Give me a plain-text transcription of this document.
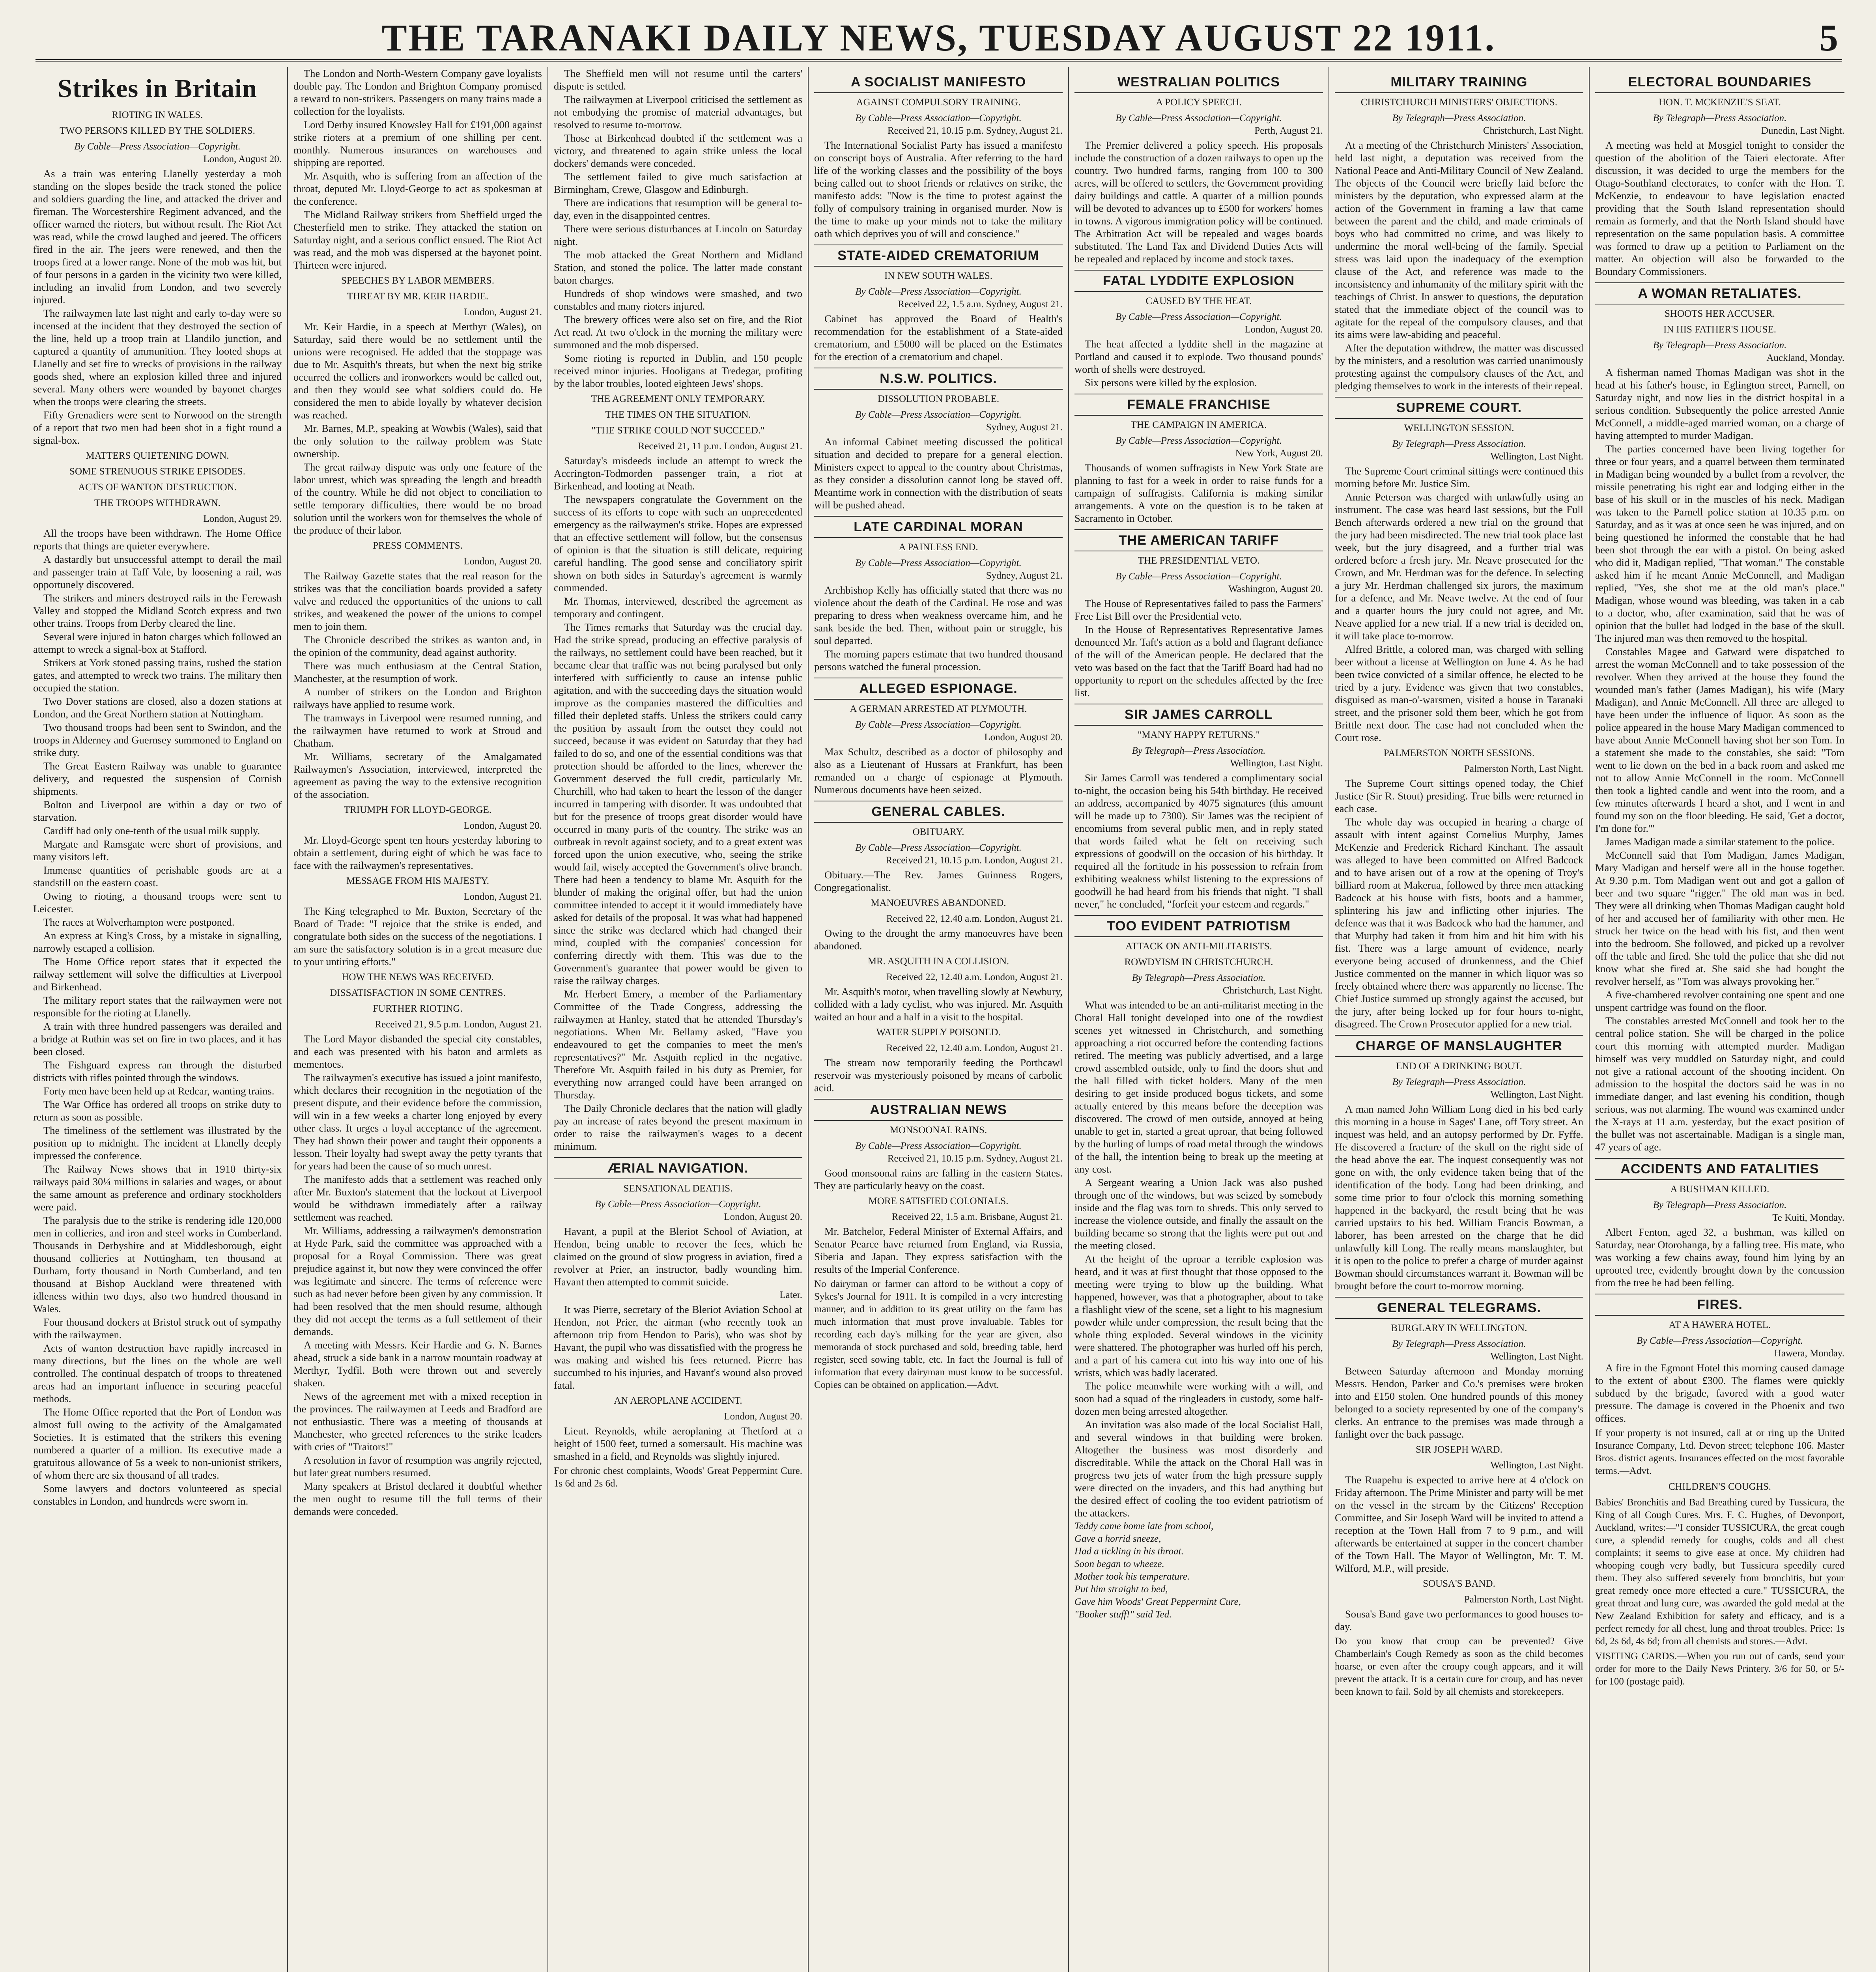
THE TARANAKI DAILY NEWS, TUESDAY AUGUST 22 1911.	5
Strikes in Britain
RIOTING IN WALES.
TWO PERSONS KILLED BY THE SOLDIERS.
By Cable—Press Association—Copyright.
London, August 20.
As a train was entering Llanelly yesterday a mob standing on the slopes beside the track stoned the police and soldiers guarding the line, and attacked the driver and fireman. The Worcestershire Regiment advanced, and the officer warned the rioters, but without result. The Riot Act was read, while the crowd laughed and jeered. The officers fired in the air. The jeers were renewed, and then the troops fired at a lower range. None of the mob was hit, but of four persons in a garden in the vicinity two were killed, including an invalid from London, and two severely injured.
The railwaymen late last night and early to-day were so incensed at the incident that they destroyed the section of the line, held up a troop train at Llandilo junction, and captured a quantity of ammunition. They looted shops at Llanelly and set fire to wrecks of provisions in the railway goods shed, where an explosion killed three and injured several. Many others were wounded by bayonet charges when the troops were clearing the streets.
Fifty Grenadiers were sent to Norwood on the strength of a report that two men had been shot in a fight round a signal-box.
MATTERS QUIETENING DOWN.
SOME STRENUOUS STRIKE EPISODES.
ACTS OF WANTON DESTRUCTION.
THE TROOPS WITHDRAWN.
London, August 29.
All the troops have been withdrawn. The Home Office reports that things are quieter everywhere.
A dastardly but unsuccessful attempt to derail the mail and passenger train at Taff Vale, by loosening a rail, was opportunely discovered.
The strikers and miners destroyed rails in the Ferewash Valley and stopped the Midland Scotch express and two other trains. Troops from Derby cleared the line.
Several were injured in baton charges which followed an attempt to wreck a signal-box at Stafford.
Strikers at York stoned passing trains, rushed the station gates, and attempted to wreck two trains. The military then occupied the station.
Two Dover stations are closed, also a dozen stations at London, and the Great Northern station at Nottingham.
Two thousand troops had been sent to Swindon, and the troops in Alderney and Guernsey summoned to England on strike duty.
The Great Eastern Railway was unable to guarantee delivery, and requested the suspension of Cornish shipments.
Bolton and Liverpool are within a day or two of starvation.
Cardiff had only one-tenth of the usual milk supply.
Margate and Ramsgate were short of provisions, and many visitors left.
Immense quantities of perishable goods are at a standstill on the eastern coast.
Owing to rioting, a thousand troops were sent to Leicester.
The races at Wolverhampton were postponed.
An express at King's Cross, by a mistake in signalling, narrowly escaped a collision.
The Home Office report states that it expected the railway settlement will solve the difficulties at Liverpool and Birkenhead.
The military report states that the railwaymen were not responsible for the rioting at Llanelly.
A train with three hundred passengers was derailed and a bridge at Ruthin was set on fire in two places, and it has been closed.
The Fishguard express ran through the disturbed districts with rifles pointed through the windows.
Forty men have been held up at Redcar, wanting trains.
The War Office has ordered all troops on strike duty to return as soon as possible.
The timeliness of the settlement was illustrated by the position up to midnight. The incident at Llanelly deeply impressed the conference.
The Railway News shows that in 1910 thirty-six railways paid 30¼ millions in salaries and wages, or about the same amount as preference and ordinary stockholders were paid.
The paralysis due to the strike is rendering idle 120,000 men in collieries, and iron and steel works in Cumberland. Thousands in Derbyshire and at Middlesborough, eight thousand collieries at Nottingham, ten thousand at Durham, forty thousand in North Cumberland, and ten thousand at Bishop Auckland were threatened with idleness within two days, also two hundred thousand in Wales.
Four thousand dockers at Bristol struck out of sympathy with the railwaymen.
Acts of wanton destruction have rapidly increased in many directions, but the lines on the whole are well controlled. The continual despatch of troops to threatened areas had an important influence in securing peaceful methods.
The Home Office reported that the Port of London was almost full owing to the activity of the Amalgamated Societies. It is estimated that the strikers this evening numbered a quarter of a million. Its executive made a gratuitous allowance of 5s a week to non-unionist strikers, of whom there are six thousand of all trades.
Some lawyers and doctors volunteered as special constables in London, and hundreds were sworn in.
The London and North-Western Company gave loyalists double pay. The London and Brighton Company promised a reward to non-strikers. Passengers on many trains made a collection for the loyalists.
Lord Derby insured Knowsley Hall for £191,000 against strike rioters at a premium of one shilling per cent. monthly. Numerous insurances on warehouses and shipping are reported.
Mr. Asquith, who is suffering from an affection of the throat, deputed Mr. Lloyd-George to act as spokesman at the conference.
The Midland Railway strikers from Sheffield urged the Chesterfield men to strike. They attacked the station on Saturday night, and a serious conflict ensued. The Riot Act was read, and the mob was dispersed at the bayonet point. Thirteen were injured.
SPEECHES BY LABOR MEMBERS.
THREAT BY MR. KEIR HARDIE.
London, August 21.
Mr. Keir Hardie, in a speech at Merthyr (Wales), on Saturday, said there would be no settlement until the unions were recognised. He added that the stoppage was due to Mr. Asquith's threats, but when the next big strike occurred the colliers and ironworkers would be called out, and then they would see what soldiers could do. He considered the men to abide loyally by whatever decision was reached.
Mr. Barnes, M.P., speaking at Wowbis (Wales), said that the only solution to the railway problem was State ownership.
The great railway dispute was only one feature of the labor unrest, which was spreading the length and breadth of the country. While he did not object to conciliation to settle temporary difficulties, there would be no broad solution until the workers won for themselves the whole of the produce of their labor.
PRESS COMMENTS.
London, August 20.
The Railway Gazette states that the real reason for the strikes was that the conciliation boards provided a safety valve and reduced the opportunities of the unions to call strikes, and weakened the power of the unions to compel men to join them.
The Chronicle described the strikes as wanton and, in the opinion of the community, dead against authority.
There was much enthusiasm at the Central Station, Manchester, at the resumption of work.
A number of strikers on the London and Brighton railways have applied to resume work.
The tramways in Liverpool were resumed running, and the railwaymen have returned to work at Stroud and Chatham.
Mr. Williams, secretary of the Amalgamated Railwaymen's Association, interviewed, interpreted the agreement as paving the way to the extensive recognition of the association.
TRIUMPH FOR LLOYD-GEORGE.
London, August 20.
Mr. Lloyd-George spent ten hours yesterday laboring to obtain a settlement, during eight of which he was face to face with the railwaymen's representatives.
MESSAGE FROM HIS MAJESTY.
London, August 21.
The King telegraphed to Mr. Buxton, Secretary of the Board of Trade: "I rejoice that the strike is ended, and congratulate both sides on the success of the negotiations. I am sure the satisfactory solution is in a great measure due to your untiring efforts."
HOW THE NEWS WAS RECEIVED.
DISSATISFACTION IN SOME CENTRES.
FURTHER RIOTING.
Received 21, 9.5 p.m. London, August 21.
The Lord Mayor disbanded the special city constables, and each was presented with his baton and armlets as mementoes.
The railwaymen's executive has issued a joint manifesto, which declares their recognition in the negotiation of the present dispute, and their evidence before the commission, will win in a few weeks a charter long enjoyed by every other class. It urges a loyal acceptance of the agreement. They had shown their power and taught their opponents a lesson. Their loyalty had swept away the petty tyrants that for years had been the cause of so much unrest.
The manifesto adds that a settlement was reached only after Mr. Buxton's statement that the lockout at Liverpool would be withdrawn immediately after a railway settlement was reached.
Mr. Williams, addressing a railwaymen's demonstration at Hyde Park, said the committee was approached with a proposal for a Royal Commission. There was great prejudice against it, but now they were convinced the offer was legitimate and sincere. The terms of reference were such as had never before been given by any commission. It had been resolved that the men should resume, although they did not accept the terms as a full settlement of their demands.
A meeting with Messrs. Keir Hardie and G. N. Barnes ahead, struck a side bank in a narrow mountain roadway at Merthyr, Tydfil. Both were thrown out and severely shaken.
News of the agreement met with a mixed reception in the provinces. The railwaymen at Leeds and Bradford are not enthusiastic. There was a meeting of thousands at Manchester, who greeted references to the strike leaders with cries of "Traitors!"
A resolution in favor of resumption was angrily rejected, but later great numbers resumed.
Many speakers at Bristol declared it doubtful whether the men ought to resume till the full terms of their demands were conceded.
The Sheffield men will not resume until the carters' dispute is settled.
The railwaymen at Liverpool criticised the settlement as not embodying the promise of material advantages, but resolved to resume to-morrow.
Those at Birkenhead doubted if the settlement was a victory, and threatened to again strike unless the local dockers' demands were conceded.
The settlement failed to give much satisfaction at Birmingham, Crewe, Glasgow and Edinburgh.
There are indications that resumption will be general to-day, even in the disappointed centres.
There were serious disturbances at Lincoln on Saturday night.
The mob attacked the Great Northern and Midland Station, and stoned the police. The latter made constant baton charges.
Hundreds of shop windows were smashed, and two constables and many rioters injured.
The brewery offices were also set on fire, and the Riot Act read. At two o'clock in the morning the military were summoned and the mob dispersed.
Some rioting is reported in Dublin, and 150 people received minor injuries. Hooligans at Tredegar, profiting by the labor troubles, looted eighteen Jews' shops.
THE AGREEMENT ONLY TEMPORARY.
THE TIMES ON THE SITUATION.
"THE STRIKE COULD NOT SUCCEED."
Received 21, 11 p.m. London, August 21.
Saturday's misdeeds include an attempt to wreck the Accrington-Todmorden passenger train, a riot at Birkenhead, and looting at Neath.
The newspapers congratulate the Government on the success of its efforts to cope with such an unprecedented emergency as the railwaymen's strike. Hopes are expressed that an effective settlement will follow, but the consensus of opinion is that the situation is still delicate, requiring careful handling. The good sense and conciliatory spirit shown on both sides in Saturday's agreement is warmly commended.
Mr. Thomas, interviewed, described the agreement as temporary and contingent.
The Times remarks that Saturday was the crucial day. Had the strike spread, producing an effective paralysis of the railways, no settlement could have been reached, but it became clear that traffic was not being paralysed but only interfered with sufficiently to cause an intense public agitation, and with the succeeding days the situation would improve as the companies mastered the difficulties and filled their depleted staffs. Unless the strikers could carry the position by assault from the outset they could not succeed, because it was evident on Saturday that they had failed to do so, and one of the essential conditions was that protection should be afforded to the lines, wherever the Government deserved the full credit, particularly Mr. Churchill, who had taken to heart the lesson of the danger incurred in tampering with disorder. It was undoubted that but for the presence of troops great disorder would have occurred in many parts of the country. The strike was an outbreak in revolt against society, and to a great extent was forced upon the union executive, who, seeing the strike would fail, wisely accepted the Government's olive branch. There had been a tendency to blame Mr. Asquith for the blunder of making the original offer, but had the union committee intended to accept it it would immediately have asked for details of the proposal. It was what had happened since the strike was declared which had changed their mind, coupled with the companies' concession for conferring directly with them. This was due to the Government's guarantee that power would be given to raise the railway charges.
Mr. Herbert Emery, a member of the Parliamentary Committee of the Trade Congress, addressing the railwaymen at Hanley, stated that he attended Thursday's negotiations. When Mr. Bellamy asked, "Have you endeavoured to get the companies to meet the men's representatives?" Mr. Asquith replied in the negative. Therefore Mr. Asquith failed in his duty as Premier, for everything now arranged could have been arranged on Thursday.
The Daily Chronicle declares that the nation will gladly pay an increase of rates beyond the present maximum in order to raise the railwaymen's wages to a decent minimum.
ÆRIAL NAVIGATION.
SENSATIONAL DEATHS.
By Cable—Press Association—Copyright.
London, August 20.
Havant, a pupil at the Bleriot School of Aviation, at Hendon, being unable to recover the fees, which he claimed on the ground of slow progress in aviation, fired a revolver at Prier, an instructor, badly wounding him. Havant then attempted to commit suicide.
Later.
It was Pierre, secretary of the Bleriot Aviation School at Hendon, not Prier, the airman (who recently took an afternoon trip from Hendon to Paris), who was shot by Havant, the pupil who was dissatisfied with the progress he was making and wished his fees returned. Pierre has succumbed to his injuries, and Havant's wound also proved fatal.
AN AEROPLANE ACCIDENT.
London, August 20.
Lieut. Reynolds, while aeroplaning at Thetford at a height of 1500 feet, turned a somersault. His machine was smashed in a field, and Reynolds was slightly injured.
For chronic chest complaints, Woods' Great Peppermint Cure. 1s 6d and 2s 6d.
A SOCIALIST MANIFESTO
AGAINST COMPULSORY TRAINING.
By Cable—Press Association—Copyright.
Received 21, 10.15 p.m. Sydney, August 21.
The International Socialist Party has issued a manifesto on conscript boys of Australia. After referring to the hard life of the working classes and the possibility of the boys being called out to shoot friends or relatives on strike, the manifesto adds: "Now is the time to protest against the folly of compulsory training in organised murder. Now is the time to make up your minds not to take the military oath which deprives you of will and conscience."
STATE-AIDED CREMATORIUM
IN NEW SOUTH WALES.
By Cable—Press Association—Copyright.
Received 22, 1.5 a.m. Sydney, August 21.
Cabinet has approved the Board of Health's recommendation for the establishment of a State-aided crematorium, and £5000 will be placed on the Estimates for the erection of a crematorium and chapel.
N.S.W. POLITICS.
DISSOLUTION PROBABLE.
By Cable—Press Association—Copyright.
Sydney, August 21.
An informal Cabinet meeting discussed the political situation and decided to prepare for a general election. Ministers expect to appeal to the country about Christmas, as they consider a dissolution cannot long be staved off. Meantime work in connection with the distribution of seats will be pushed ahead.
LATE CARDINAL MORAN
A PAINLESS END.
By Cable—Press Association—Copyright.
Sydney, August 21.
Archbishop Kelly has officially stated that there was no violence about the death of the Cardinal. He rose and was preparing to dress when weakness overcame him, and he sank beside the bed. Then, without pain or struggle, his soul departed.
The morning papers estimate that two hundred thousand persons watched the funeral procession.
ALLEGED ESPIONAGE.
A GERMAN ARRESTED AT PLYMOUTH.
By Cable—Press Association—Copyright.
London, August 20.
Max Schultz, described as a doctor of philosophy and also as a Lieutenant of Hussars at Frankfurt, has been remanded on a charge of espionage at Plymouth. Numerous documents have been seized.
GENERAL CABLES.
OBITUARY.
By Cable—Press Association—Copyright.
Received 21, 10.15 p.m. London, August 21.
Obituary.—The Rev. James Guinness Rogers, Congregationalist.
MANOEUVRES ABANDONED.
Received 22, 12.40 a.m. London, August 21.
Owing to the drought the army manoeuvres have been abandoned.
MR. ASQUITH IN A COLLISION.
Received 22, 12.40 a.m. London, August 21.
Mr. Asquith's motor, when travelling slowly at Newbury, collided with a lady cyclist, who was injured. Mr. Asquith waited an hour and a half in a visit to the hospital.
WATER SUPPLY POISONED.
Received 22, 12.40 a.m. London, August 21.
The stream now temporarily feeding the Porthcawl reservoir was mysteriously poisoned by means of carbolic acid.
AUSTRALIAN NEWS
MONSOONAL RAINS.
By Cable—Press Association—Copyright.
Received 21, 10.15 p.m. Sydney, August 21.
Good monsoonal rains are falling in the eastern States. They are particularly heavy on the coast.
MORE SATISFIED COLONIALS.
Received 22, 1.5 a.m. Brisbane, August 21.
Mr. Batchelor, Federal Minister of External Affairs, and Senator Pearce have returned from England, via Russia, Siberia and Japan. They express satisfaction with the results of the Imperial Conference.
No dairyman or farmer can afford to be without a copy of Sykes's Journal for 1911. It is compiled in a very interesting manner, and in addition to its great utility on the farm has much information that must prove invaluable. Tables for recording each day's milking for the year are given, also memoranda of stock purchased and sold, breeding table, herd register, seed sowing table, etc. In fact the Journal is full of information that every dairyman must know to be successful. Copies can be obtained on application.—Advt.
WESTRALIAN POLITICS
A POLICY SPEECH.
By Cable—Press Association—Copyright.
Perth, August 21.
The Premier delivered a policy speech. His proposals include the construction of a dozen railways to open up the country. Two hundred farms, ranging from 100 to 300 acres, will be offered to settlers, the Government providing dairy buildings and cattle. A quarter of a million pounds will be devoted to advances up to £500 for workers' homes in towns. A vigorous immigration policy will be continued. The Arbitration Act will be repealed and wages boards substituted. The Land Tax and Dividend Duties Acts will be repealed and replaced by income and stock taxes.
FATAL LYDDITE EXPLOSION
CAUSED BY THE HEAT.
By Cable—Press Association—Copyright.
London, August 20.
The heat affected a lyddite shell in the magazine at Portland and caused it to explode. Two thousand pounds' worth of shells were destroyed.
Six persons were killed by the explosion.
FEMALE FRANCHISE
THE CAMPAIGN IN AMERICA.
By Cable—Press Association—Copyright.
New York, August 20.
Thousands of women suffragists in New York State are planning to fast for a week in order to raise funds for a campaign of suffragists. California is making similar arrangements. A vote on the question is to be taken at Sacramento in October.
THE AMERICAN TARIFF
THE PRESIDENTIAL VETO.
By Cable—Press Association—Copyright.
Washington, August 20.
The House of Representatives failed to pass the Farmers' Free List Bill over the Presidential veto.
In the House of Representatives Representative James denounced Mr. Taft's action as a bold and flagrant defiance of the will of the American people. He declared that the veto was based on the fact that the Tariff Board had had no opportunity to report on the schedules affected by the free list.
SIR JAMES CARROLL
"MANY HAPPY RETURNS."
By Telegraph—Press Association.
Wellington, Last Night.
Sir James Carroll was tendered a complimentary social to-night, the occasion being his 54th birthday. He received an address, accompanied by 4075 signatures (this amount will be made up to 7300). Sir James was the recipient of encomiums from several public men, and in reply stated that words failed what he felt on receiving such expressions of goodwill on the occasion of his birthday. It required all the fortitude in his possession to refrain from exhibiting weakness whilst listening to the expressions of goodwill he had heard from his friends that night. "I shall never," he concluded, "forfeit your esteem and regards."
TOO EVIDENT PATRIOTISM
ATTACK ON ANTI-MILITARISTS.
ROWDYISM IN CHRISTCHURCH.
By Telegraph—Press Association.
Christchurch, Last Night.
What was intended to be an anti-militarist meeting in the Choral Hall tonight developed into one of the rowdiest scenes yet witnessed in Christchurch, and something approaching a riot occurred before the contending factions retired. The meeting was publicly advertised, and a large crowd assembled outside, only to find the doors shut and the hall filled with ticket holders. Many of the men desiring to get inside produced bogus tickets, and some actually entered by this means before the deception was discovered. The crowd of men outside, annoyed at being unable to get in, started a great uproar, that being followed by the hurling of lumps of road metal through the windows of the hall, the intention being to break up the meeting at any cost.
A Sergeant wearing a Union Jack was also pushed through one of the windows, but was seized by somebody inside and the flag was torn to shreds. This only served to increase the violence outside, and finally the assault on the building became so strong that the lights were put out and the meeting closed.
At the height of the uproar a terrible explosion was heard, and it was at first thought that those opposed to the meeting were trying to blow up the building. What happened, however, was that a photographer, about to take a flashlight view of the scene, set a light to his magnesium powder while under compression, the result being that the whole thing exploded. Several windows in the vicinity were shattered. The photographer was hurled off his perch, and a part of his camera cut into his way into one of his wrists, which was badly lacerated.
The police meanwhile were working with a will, and soon had a squad of the ringleaders in custody, some half-dozen men being arrested altogether.
An invitation was also made of the local Socialist Hall, and several windows in that building were broken. Altogether the business was most disorderly and discreditable. While the attack on the Choral Hall was in progress two jets of water from the high pressure supply were directed on the invaders, and this had anything but the desired effect of cooling the too evident patriotism of the attackers.
Teddy came home late from school,
Gave a horrid sneeze,
Had a tickling in his throat.
Soon began to wheeze.
Mother took his temperature.
Put him straight to bed,
Gave him Woods' Great Peppermint Cure,
"Booker stuff!" said Ted.
MILITARY TRAINING
CHRISTCHURCH MINISTERS' OBJECTIONS.
By Telegraph—Press Association.
Christchurch, Last Night.
At a meeting of the Christchurch Ministers' Association, held last night, a deputation was received from the National Peace and Anti-Military Council of New Zealand. The objects of the Council were briefly laid before the ministers by the deputation, who expressed alarm at the action of the Government in framing a law that came between the parent and the child, and made criminals of boys who had committed no crime, and was likely to undermine the moral well-being of the family. Special stress was laid upon the inadequacy of the exemption clause of the Act, and reference was made to the inconsistency and inhumanity of the military spirit with the teachings of Christ. In answer to questions, the deputation stated that the immediate object of the council was to agitate for the repeal of the compulsory clauses, and that its aims were law-abiding and peaceful.
After the deputation withdrew, the matter was discussed by the ministers, and a resolution was carried unanimously protesting against the compulsory clauses of the Act, and pledging themselves to work in the interests of their repeal.
SUPREME COURT.
WELLINGTON SESSION.
By Telegraph—Press Association.
Wellington, Last Night.
The Supreme Court criminal sittings were continued this morning before Mr. Justice Sim.
Annie Peterson was charged with unlawfully using an instrument. The case was heard last sessions, but the Full Bench afterwards ordered a new trial on the ground that the jury had been misdirected. The new trial took place last week, but the jury disagreed, and a further trial was ordered before a fresh jury. Mr. Neave prosecuted for the Crown, and Mr. Herdman was for the defence. In selecting a jury Mr. Herdman challenged six jurors, the maximum for a defence, and Mr. Neave twelve. At the end of four and a quarter hours the jury could not agree, and Mr. Neave applied for a new trial. If a new trial is decided on, it will take place to-morrow.
Alfred Brittle, a colored man, was charged with selling beer without a license at Wellington on June 4. As he had been twice convicted of a similar offence, he elected to be tried by a jury. Evidence was given that two constables, disguised as man-o'-warsmen, visited a house in Taranaki street, and the prisoner sold them beer, which he got from Brittle next door. The case had not concluded when the Court rose.
PALMERSTON NORTH SESSIONS.
Palmerston North, Last Night.
The Supreme Court sittings opened today, the Chief Justice (Sir R. Stout) presiding. True bills were returned in each case.
The whole day was occupied in hearing a charge of assault with intent against Cornelius Murphy, James McKenzie and Frederick Richard Kinchant. The assault was alleged to have been committed on Alfred Badcock and to have arisen out of a row at the opening of Troy's billiard room at Makerua, followed by three men attacking Badcock at his house with fists, boots and a hammer, splintering his jaw and inflicting other injuries. The defence was that it was Badcock who had the hammer, and that Murphy had taken it from him and hit him with his fist. There was a large amount of evidence, nearly everyone being accused of drunkenness, and the Chief Justice commented on the manner in which liquor was so freely obtained where there was apparently no license. The Chief Justice summed up strongly against the accused, but the jury, after being locked up for four hours to-night, disagreed. The Crown Prosecutor applied for a new trial.
CHARGE OF MANSLAUGHTER
END OF A DRINKING BOUT.
By Telegraph—Press Association.
Wellington, Last Night.
A man named John William Long died in his bed early this morning in a house in Sages' Lane, off Tory street. An inquest was held, and an autopsy performed by Dr. Fyffe. He discovered a fracture of the skull on the right side of the head above the ear. The inquest consequently was not gone on with, the only evidence taken being that of the identification of the body. Long had been drinking, and some time prior to four o'clock this morning something happened in the backyard, the result being that he was carried upstairs to his bed. William Francis Bowman, a laborer, has been arrested on the charge that he did unlawfully kill Long. The really means manslaughter, but it is open to the police to prefer a charge of murder against Bowman should circumstances warrant it. Bowman will be brought before the court to-morrow morning.
GENERAL TELEGRAMS.
BURGLARY IN WELLINGTON.
By Telegraph—Press Association.
Wellington, Last Night.
Between Saturday afternoon and Monday morning Messrs. Hendon, Parker and Co.'s premises were broken into and £150 stolen. One hundred pounds of this money belonged to a society represented by one of the company's clerks. An entrance to the premises was made through a fanlight over the back passage.
SIR JOSEPH WARD.
Wellington, Last Night.
The Ruapehu is expected to arrive here at 4 o'clock on Friday afternoon. The Prime Minister and party will be met on the vessel in the stream by the Citizens' Reception Committee, and Sir Joseph Ward will be invited to attend a reception at the Town Hall from 7 to 9 p.m., and will afterwards be entertained at supper in the concert chamber of the Town Hall. The Mayor of Wellington, Mr. T. M. Wilford, M.P., will preside.
SOUSA'S BAND.
Palmerston North, Last Night.
Sousa's Band gave two performances to good houses to-day.
Do you know that croup can be prevented? Give Chamberlain's Cough Remedy as soon as the child becomes hoarse, or even after the croupy cough appears, and it will prevent the attack. It is a certain cure for croup, and has never been known to fail. Sold by all chemists and storekeepers.
ELECTORAL BOUNDARIES
HON. T. MCKENZIE'S SEAT.
By Telegraph—Press Association.
Dunedin, Last Night.
A meeting was held at Mosgiel tonight to consider the question of the abolition of the Taieri electorate. After discussion, it was decided to urge the members for the Otago-Southland electorates, to confer with the Hon. T. McKenzie, to endeavour to have legislation enacted providing that the South Island representation should remain as formerly, and that the North Island should have representation on the same population basis. A committee was formed to draw up a petition to Parliament on the matter. An objection will also be forwarded to the Boundary Commissioners.
A WOMAN RETALIATES.
SHOOTS HER ACCUSER.
IN HIS FATHER'S HOUSE.
By Telegraph—Press Association.
Auckland, Monday.
A fisherman named Thomas Madigan was shot in the head at his father's house, in Eglington street, Parnell, on Saturday night, and now lies in the district hospital in a serious condition. Subsequently the police arrested Annie McConnell, a middle-aged married woman, on a charge of having attempted to murder Madigan.
The parties concerned have been living together for three or four years, and a quarrel between them terminated in Madigan being wounded by a bullet from a revolver, the missile penetrating his right ear and lodging either in the base of his skull or in the muscles of his neck. Madigan was taken to the Parnell police station at 10.35 p.m. on Saturday, and as it was at once seen he was injured, and on being questioned he informed the constable that he had been shot through the ear with a pistol. On being asked who did it, Madigan replied, "That woman." The constable asked him if he meant Annie McConnell, and Madigan replied, "Yes, she shot me at the old man's place." Madigan, whose wound was bleeding, was taken in a cab to a doctor, who, after examination, said that he was of opinion that the bullet had lodged in the base of the skull. The injured man was then removed to the hospital.
Constables Magee and Gatward were dispatched to arrest the woman McConnell and to take possession of the revolver. When they arrived at the house they found the wounded man's father (James Madigan), his wife (Mary Madigan), and Annie McConnell. All three are alleged to have been under the influence of liquor. As soon as the police appeared in the house Mary Madigan commenced to have about Annie McConnell having shot her son Tom. In a statement she made to the constables, she said: "Tom went to lie down on the bed in a back room and asked me not to allow Annie McConnell in the room. McConnell then took a lighted candle and went into the room, and a few minutes afterwards I heard a shot, and I went in and found my son on the floor bleeding. He said, 'Get a doctor, I'm done for.'"
James Madigan made a similar statement to the police.
McConnell said that Tom Madigan, James Madigan, Mary Madigan and herself were all in the house together. At 9.30 p.m. Tom Madigan went out and got a gallon of beer and two square "rigger." The old man was in bed. They were all drinking when Thomas Madigan caught hold of her and accused her of familiarity with other men. He struck her twice on the head with his fist, and then went into the bedroom. She followed, and picked up a revolver off the table and fired. She told the police that she did not know what she fired at. She said she had bought the revolver herself, as "Tom was always provoking her."
A five-chambered revolver containing one spent and one unspent cartridge was found on the floor.
The constables arrested McConnell and took her to the central police station. She will be charged in the police court this morning with attempted murder. Madigan himself was very muddled on Saturday night, and could not give a rational account of the shooting incident. On admission to the hospital the doctors said he was in no immediate danger, and last evening his condition, though serious, was not alarming. The wound was examined under the X-rays at 11 a.m. yesterday, but the exact position of the bullet was not ascertainable. Madigan is a single man, 47 years of age.
ACCIDENTS AND FATALITIES
A BUSHMAN KILLED.
By Telegraph—Press Association.
Te Kuiti, Monday.
Albert Fenton, aged 32, a bushman, was killed on Saturday, near Otorohanga, by a falling tree. His mate, who was working a few chains away, found him lying by an uprooted tree, evidently brought down by the concussion from the tree he had been felling.
FIRES.
AT A HAWERA HOTEL.
By Cable—Press Association—Copyright.
Hawera, Monday.
A fire in the Egmont Hotel this morning caused damage to the extent of about £300. The flames were quickly subdued by the brigade, favored with a good water pressure. The damage is covered in the Phoenix and two offices.
If your property is not insured, call at or ring up the United Insurance Company, Ltd. Devon street; telephone 106. Master Bros. district agents. Insurances effected on the most favorable terms.—Advt.
CHILDREN'S COUGHS.
Babies' Bronchitis and Bad Breathing cured by Tussicura, the King of all Cough Cures. Mrs. F. C. Hughes, of Devonport, Auckland, writes:—"I consider TUSSICURA, the great cough cure, a splendid remedy for coughs, colds and all chest complaints; it seems to give ease at once. My children had whooping cough very badly, but Tussicura speedily cured them. They also suffered severely from bronchitis, but your great remedy once more effected a cure." TUSSICURA, the great throat and lung cure, was awarded the gold medal at the New Zealand Exhibition for safety and efficacy, and is a perfect remedy for all chest, lung and throat troubles. Price: 1s 6d, 2s 6d, 4s 6d; from all chemists and stores.—Advt.
VISITING CARDS.—When you run out of cards, send your order for more to the Daily News Printery. 3/6 for 50, or 5/- for 100 (postage paid).
